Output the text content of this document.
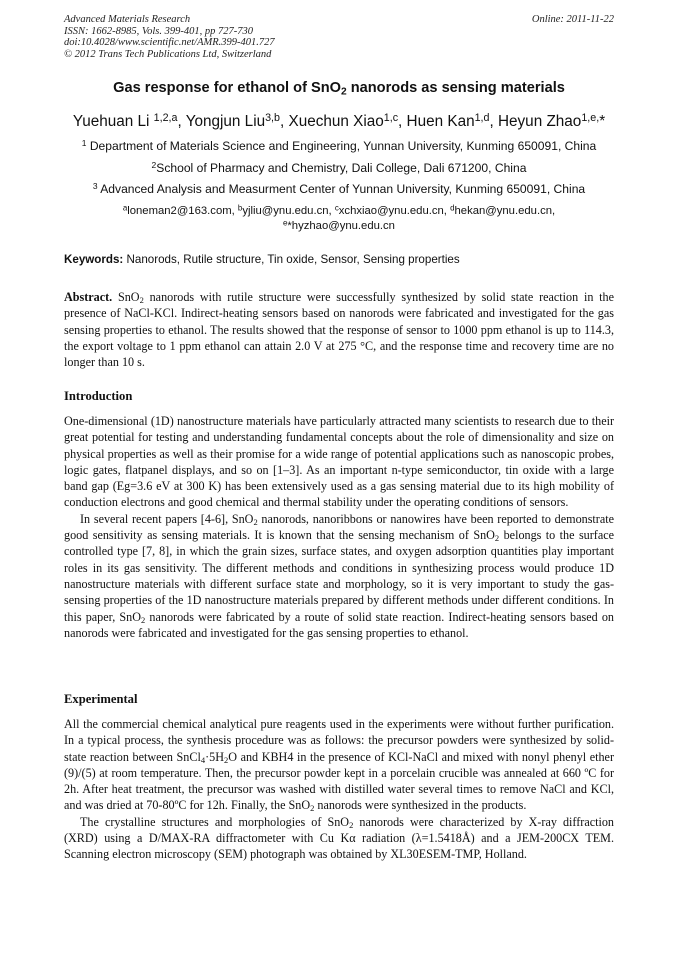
Advanced Materials Research
ISSN: 1662-8985, Vols. 399-401, pp 727-730
doi:10.4028/www.scientific.net/AMR.399-401.727
© 2012 Trans Tech Publications Ltd, Switzerland
Online: 2011-11-22
Gas response for ethanol of SnO$_2$ nanorods as sensing materials
Yuehuan Li $^{1,2,a}$, Yongjun Liu$^{3,b}$, Xuechun Xiao$^{1,c}$, Huen Kan$^{1,d}$, Heyun Zhao$^{1,e,}$*
$^1$ Department of Materials Science and Engineering, Yunnan University, Kunming 650091, China
$^2$School of Pharmacy and Chemistry, Dali College, Dali 671200, China
$^3$ Advanced Analysis and Measurment Center of Yunnan University, Kunming 650091, China
$^a$loneman2@163.com, $^b$yjliu@ynu.edu.cn, $^c$xchxiao@ynu.edu.cn, $^d$hekan@ynu.edu.cn,
$^e$*hyzhao@ynu.edu.cn
Keywords: Nanorods, Rutile structure, Tin oxide, Sensor, Sensing properties

Abstract. SnO$_2$ nanorods with rutile structure were successfully synthesized by solid state reaction in the presence of NaCl-KCl. Indirect-heating sensors based on nanorods were fabricated and investigated for the gas sensing properties to ethanol. The results showed that the response of sensor to 1000 ppm ethanol is up to 114.3, the export voltage to 1 ppm ethanol can attain 2.0 V at 275 °C, and the response time and recovery time are no longer than 10 s.

Introduction

One-dimensional (1D) nanostructure materials have particularly attracted many scientists to research due to their great potential for testing and understanding fundamental concepts about the role of dimensionality and size on physical properties as well as their promise for a wide range of potential applications such as nanoscopic probes, logic gates, flatpanel displays, and so on [1–3]. As an important n-type semiconductor, tin oxide with a large band gap (Eg=3.6 eV at 300 K) has been extensively used as a gas sensing material due to its high mobility of conduction electrons and good chemical and thermal stability under the operating conditions of sensors.

In several recent papers [4-6], SnO$_2$ nanorods, nanoribbons or nanowires have been reported to demonstrate good sensitivity as sensing materials. It is known that the sensing mechanism of SnO$_2$ belongs to the surface controlled type [7, 8], in which the grain sizes, surface states, and oxygen adsorption quantities play important roles in its gas sensitivity. The different methods and conditions in synthesizing process would produce 1D nanostructure materials with different surface state and morphology, so it is very important to study the gas-sensing properties of the 1D nanostructure materials prepared by different methods under different conditions. In this paper, SnO$_2$ nanorods were fabricated by a route of solid state reaction. Indirect-heating sensors based on nanorods were fabricated and investigated for the gas sensing properties to ethanol.

Experimental

All the commercial chemical analytical pure reagents used in the experiments were without further purification. In a typical process, the synthesis procedure was as follows: the precursor powders were synthesized by solid-state reaction between $SnCl_4\cdot 5H_2O$ and KBH4 in the presence of KCl-NaCl and mixed with nonyl phenyl ether (9)/(5) at room temperature. Then, the precursor powder kept in a porcelain crucible was annealed at 660 ºC for 2h. After heat treatment, the precursor was washed with distilled water several times to remove NaCl and KCl, and was dried at 70-80ºC for 12h. Finally, the SnO$_2$ nanorods were synthesized in the products.

The crystalline structures and morphologies of SnO$_2$ nanorods were characterized by X-ray diffraction (XRD) using a D/MAX-RA diffractometer with Cu Kα radiation (λ=1.5418Å) and a JEM-200CX TEM. Scanning electron microscopy (SEM) photograph was obtained by XL30ESEM-TMP, Holland.
